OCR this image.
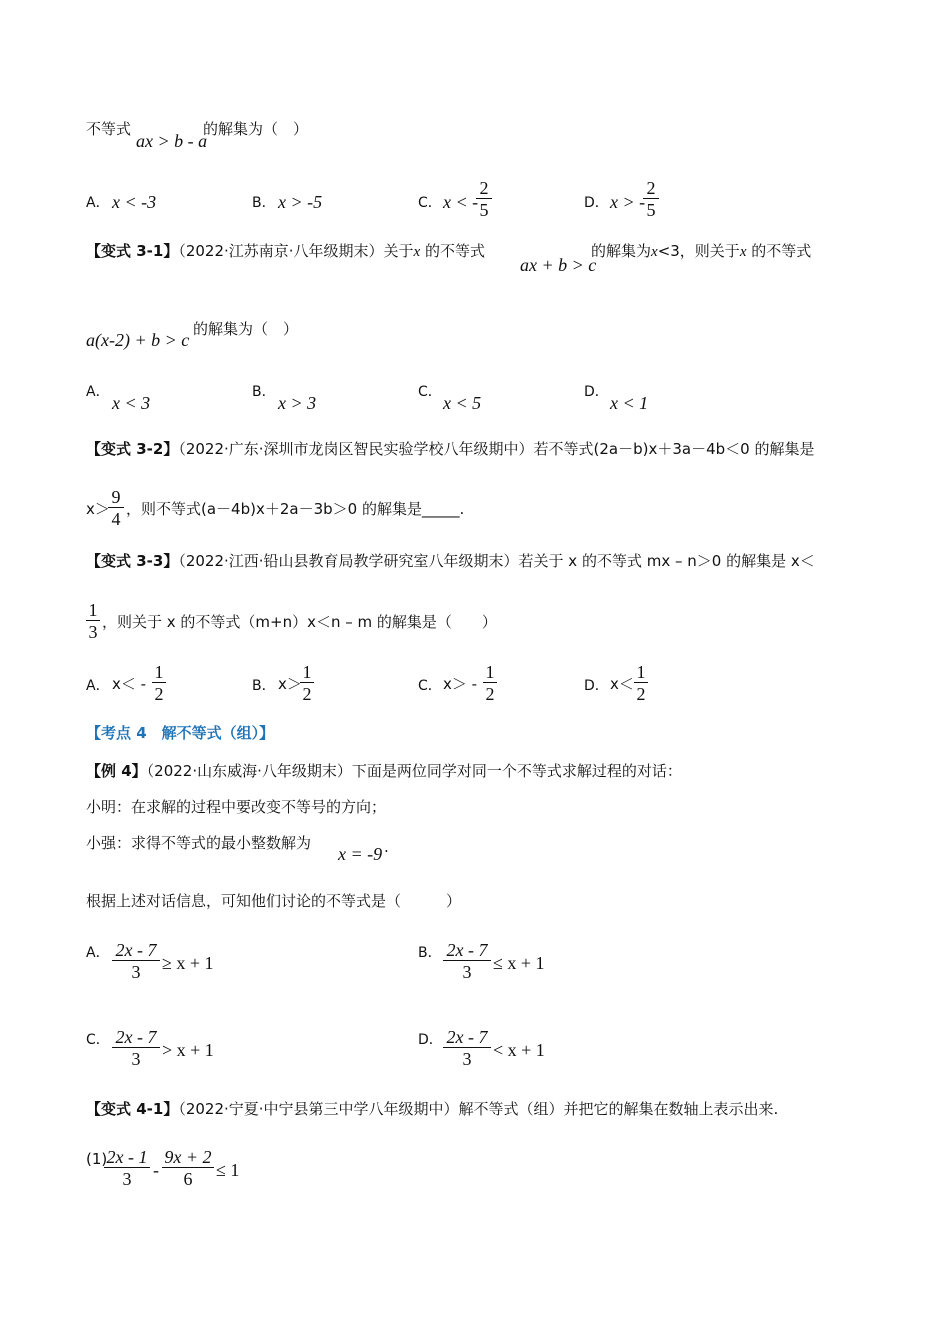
不等式
ax > b - a
的解集为（　）
A． x < -3	B． x > -5	C． x < -
$\frac{2}{5}$	D． x > -
$\frac{2}{5}$
【变式 3-1】（2022·江苏南京·八年级期末）关于x 的不等式
ax + b > c
的解集为x<3，则关于x 的不等式
a(x-2) + b > c
的解集为（　）
A．
x < 3
B．
x > 3
C．
x < 5
D．
x < 1
【变式 3-2】（2022·广东·深圳市龙岗区智民实验学校八年级期中）若不等式(2a－b)x＋3a－4b＜0 的解集是
x＞
$\frac{9}{4}$ ，则不等式(a－4b)x＋2a－3b＞0 的解集是_____.
【变式 3-3】（2022·江西·铅山县教育局教学研究室八年级期末）若关于 x 的不等式 mx – n＞0 的解集是 x＜
$\frac{1}{3}$ ，则关于 x 的不等式（m+n）x＜n – m 的解集是（　　）
A． $x< - \frac{1}{2}$	B． x＞
$\frac{1}{2}$	C． $x> - \frac{1}{2}$	D． $x< \frac{1}{2}$
【考点 4　解不等式（组）】
【例 4】（2022·山东威海·八年级期末）下面是两位同学对同一个不等式求解过程的对话：
小明：在求解的过程中要改变不等号的方向；
小强：求得不等式的最小整数解为
x = -9 .
根据上述对话信息，可知他们讨论的不等式是（　　　）
A． $\frac{2x - 7}{3} \ge x + 1$	B． $\frac{2x - 7}{3} \le x + 1$
C． $\frac{2x - 7}{3} > x + 1$	D． $\frac{2x - 7}{3} < x + 1$
【变式 4-1】（2022·宁夏·中宁县第三中学八年级期中）解不等式（组）并把它的解集在数轴上表示出来.
(1)
$\frac{2x - 1}{3} - \frac{9x + 2}{6} \le 1$
